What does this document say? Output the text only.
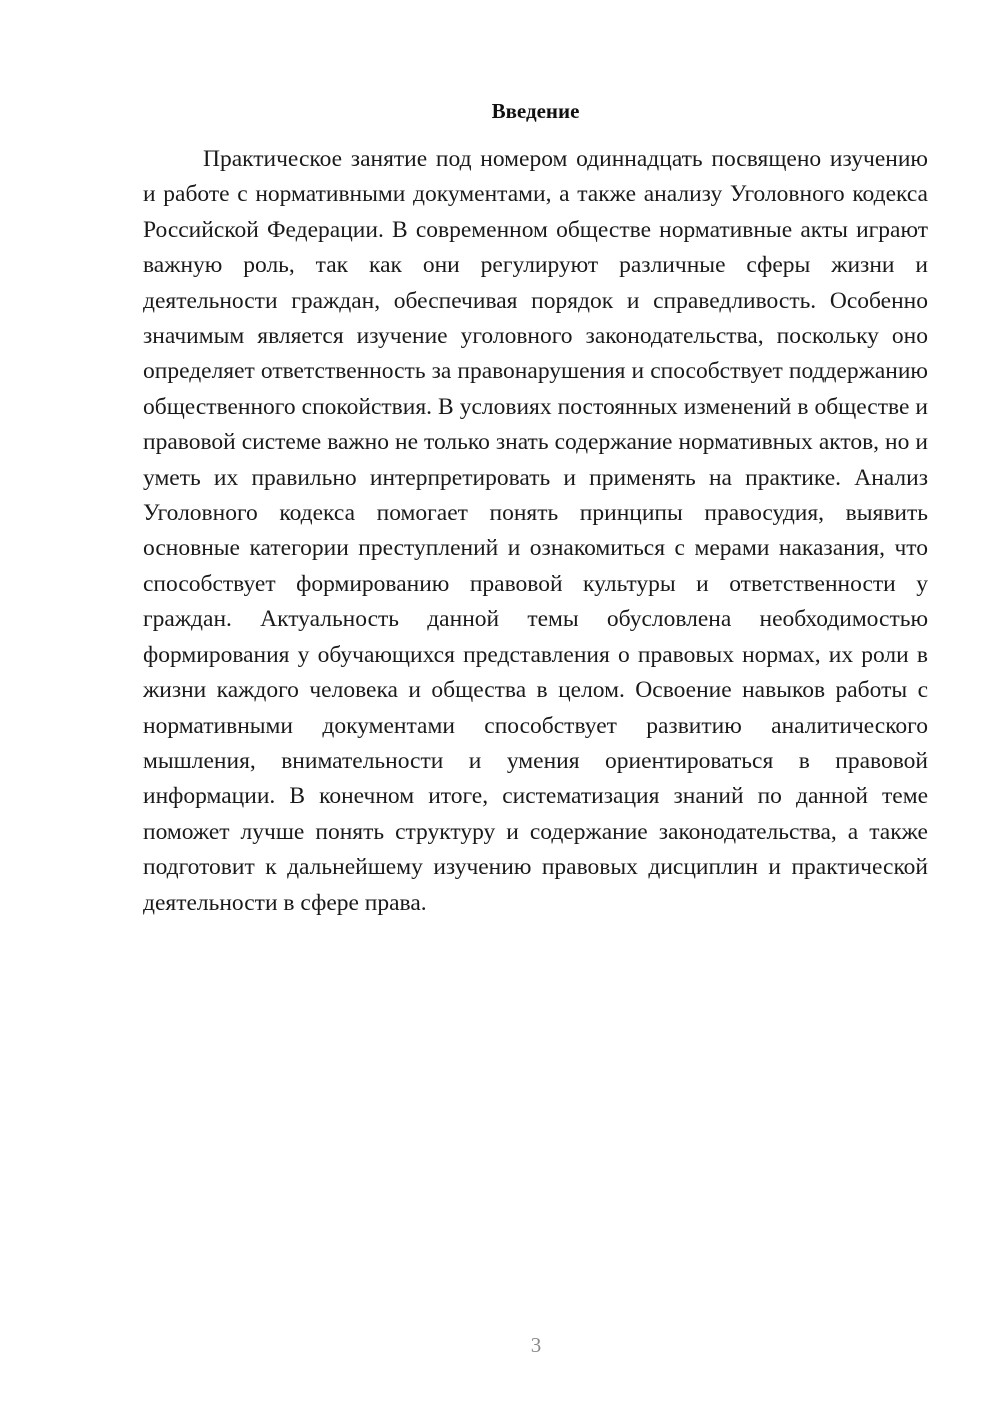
Введение

Практическое занятие под номером одиннадцать посвящено изучению и работе с нормативными документами, а также анализу Уголовного кодекса Российской Федерации. В современном обществе нормативные акты играют важную роль, так как они регулируют различные сферы жизни и деятельности граждан, обеспечивая порядок и справедливость. Особенно значимым является изучение уголовного законодательства, поскольку оно определяет ответственность за правонарушения и способствует поддержанию общественного спокойствия. В условиях постоянных изменений в обществе и правовой системе важно не только знать содержание нормативных актов, но и уметь их правильно интерпретировать и применять на практике. Анализ Уголовного кодекса помогает понять принципы правосудия, выявить основные категории преступлений и ознакомиться с мерами наказания, что способствует формированию правовой культуры и ответственности у граждан. Актуальность данной темы обусловлена необходимостью формирования у обучающихся представления о правовых нормах, их роли в жизни каждого человека и общества в целом. Освоение навыков работы с нормативными документами способствует развитию аналитического мышления, внимательности и умения ориентироваться в правовой информации. В конечном итоге, систематизация знаний по данной теме поможет лучше понять структуру и содержание законодательства, а также подготовит к дальнейшему изучению правовых дисциплин и практической деятельности в сфере права.

3
